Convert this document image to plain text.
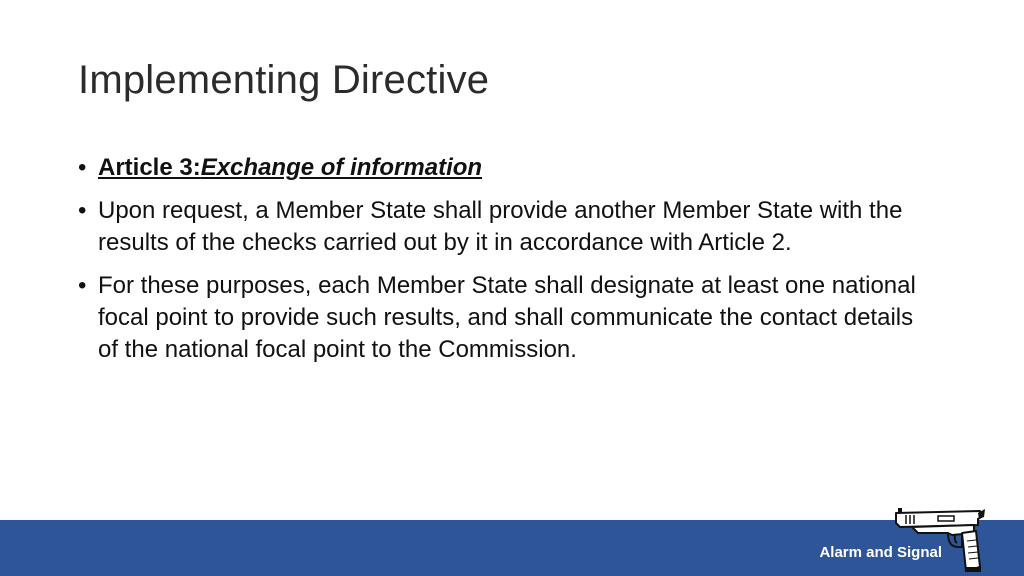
Implementing Directive
• Article 3:Exchange of information
• Upon request, a Member State shall provide another Member State with the results of the checks carried out by it in accordance with Article 2.
• For these purposes, each Member State shall designate at least one national focal point to provide such results, and shall communicate the contact details of the national focal point to the Commission.
Alarm and Signal
